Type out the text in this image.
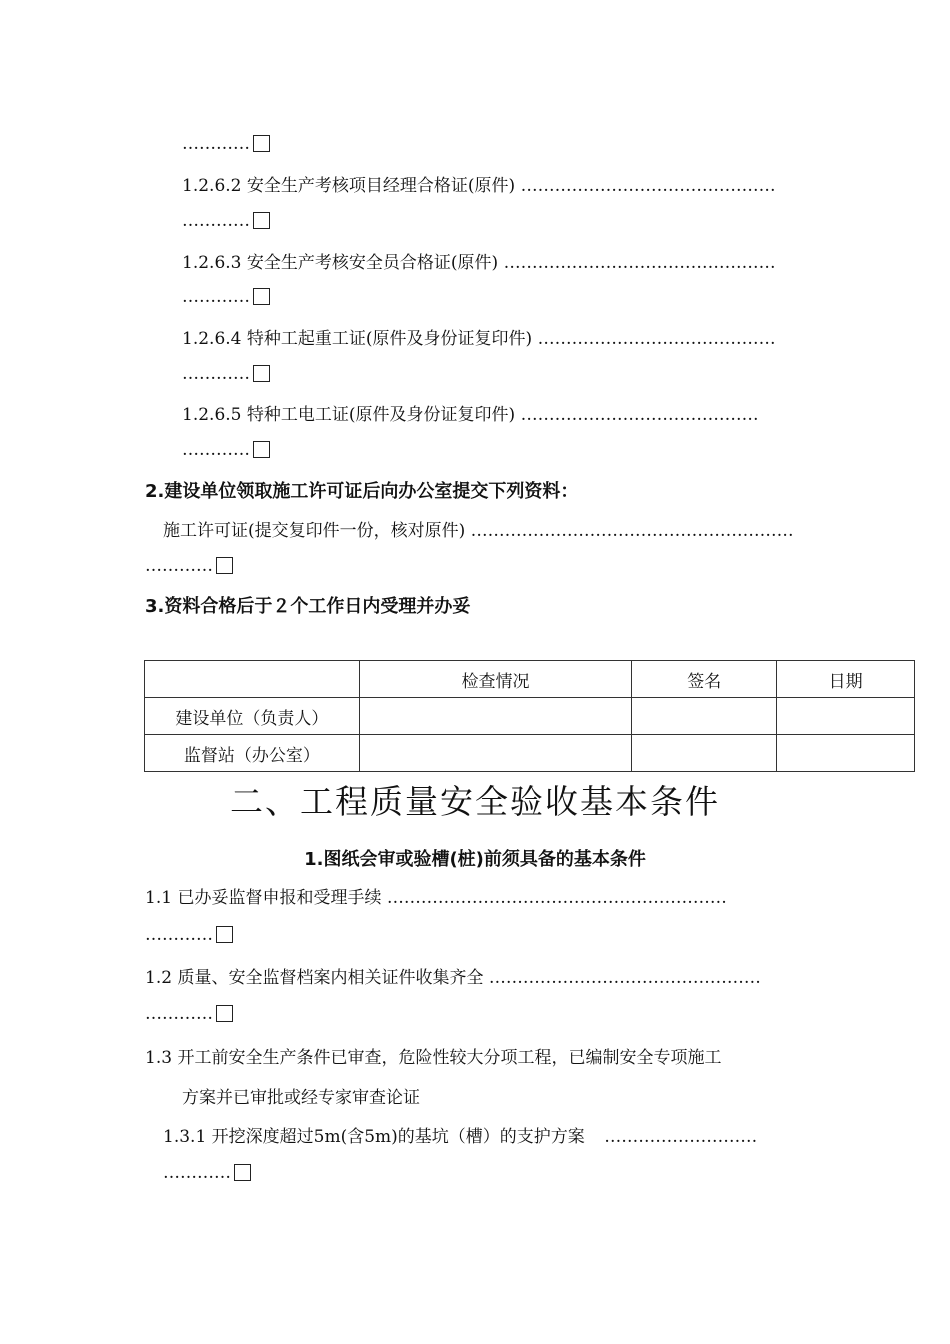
…………
1.2.6.2 安全生产考核项目经理合格证(原件) ………………………………………
…………
1.2.6.3 安全生产考核安全员合格证(原件) …………………………………………
…………
1.2.6.4 特种工起重工证(原件及身份证复印件) ……………………………………
…………
1.2.6.5 特种工电工证(原件及身份证复印件) ……………………………………
…………
2.建设单位领取施工许可证后向办公室提交下列资料：
施工许可证(提交复印件一份，核对原件) …………………………………………………
…………
3.资料合格后于２个工作日内受理并办妥
	检查情况	签名	日期
建设单位（负责人）			
监督站（办公室）			
二、工程质量安全验收基本条件
1.图纸会审或验槽(桩)前须具备的基本条件
1.1 已办妥监督申报和受理手续 ……………………………………………………
…………
1.2 质量、安全监督档案内相关证件收集齐全 …………………………………………
…………
1.3 开工前安全生产条件已审查，危险性较大分项工程，已编制安全专项施工
方案并已审批或经专家审查论证
1.3.1 开挖深度超过5m(含5m)的基坑（槽）的支护方案 ………………………
…………
